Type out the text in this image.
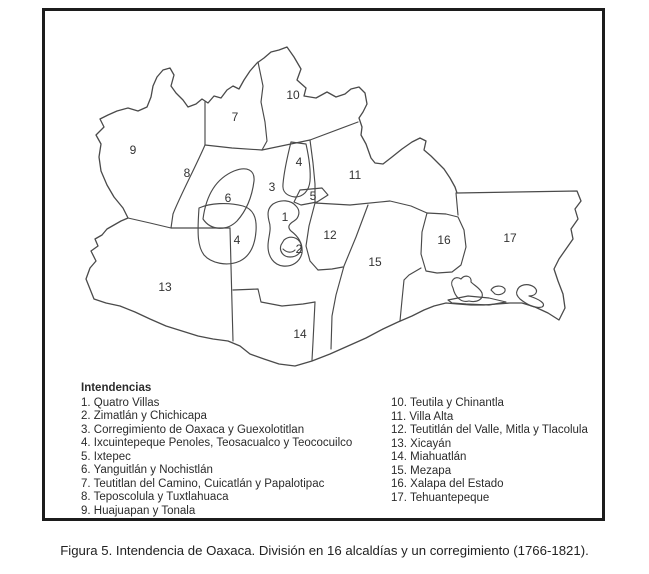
1
2
3
4
4
5
6
7
8
9
10
11
12
13
14
15
16	17

Intendencias

1. Quatro Villas
2. Zimatlán y Chichicapa
3. Corregimiento de Oaxaca y Guexolotitlan
4. Ixcuintepeque Penoles, Teosacualco y Teococuilco
5. Ixtepec
6. Yanguitlán y Nochistlán
7. Teutitlan del Camino, Cuicatlán y Papalotipac
8. Teposcolula y Tuxtlahuaca
9. Huajuapan y Tonala
10. Teutila y Chinantla
11. Villa Alta
12. Teutitlán del Valle, Mitla y Tlacolula
13. Xicayán
14. Miahuatlán
15. Mezapa
16. Xalapa del Estado
17. Tehuantepeque
Figura 5. Intendencia de Oaxaca. División en 16 alcaldías y un corregimiento (1766-1821).
